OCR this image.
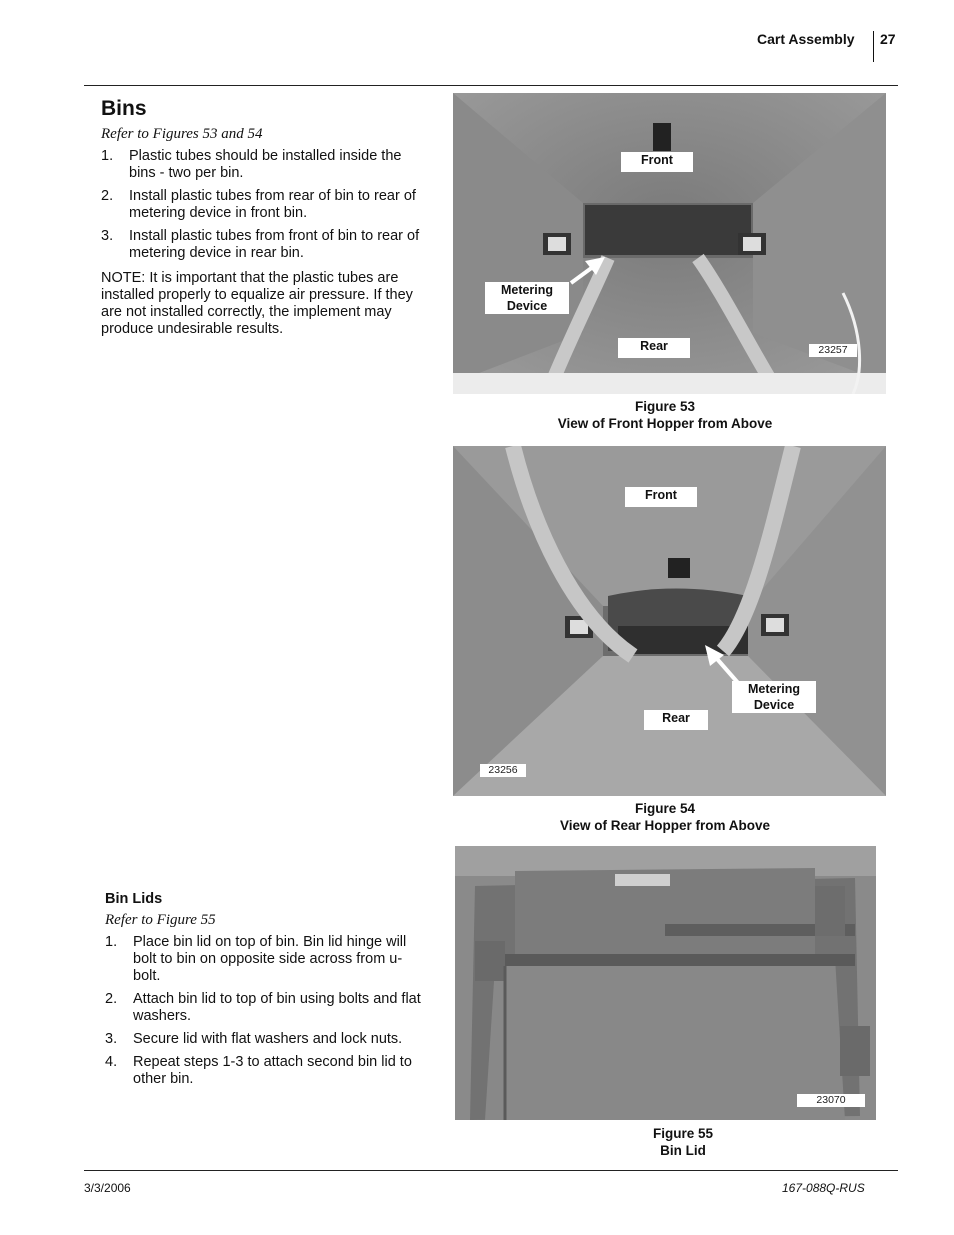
Cart Assembly 27
Bins
Refer to Figures 53 and 54
1. Plastic tubes should be installed inside the bins - two per bin.
2. Install plastic tubes from rear of bin to rear of metering device in front bin.
3. Install plastic tubes from front of bin to rear of metering device in rear bin.
NOTE: It is important that the plastic tubes are installed properly to equalize air pressure. If they are not installed correctly, the implement may produce undesirable results.
Front
Metering
Device
Rear	23257
Figure 53
View of Front Hopper from Above
Front
Metering
Device
Rear
23256
Figure 54
View of Rear Hopper from Above
Bin Lids
Refer to Figure 55
1. Place bin lid on top of bin. Bin lid hinge will bolt to bin on opposite side across from u-bolt.
2. Attach bin lid to top of bin using bolts and flat washers.
3. Secure lid with flat washers and lock nuts.
4. Repeat steps 1-3 to attach second bin lid to other bin.
23070
Figure 55
Bin Lid
3/3/2006	167-088Q-RUS
